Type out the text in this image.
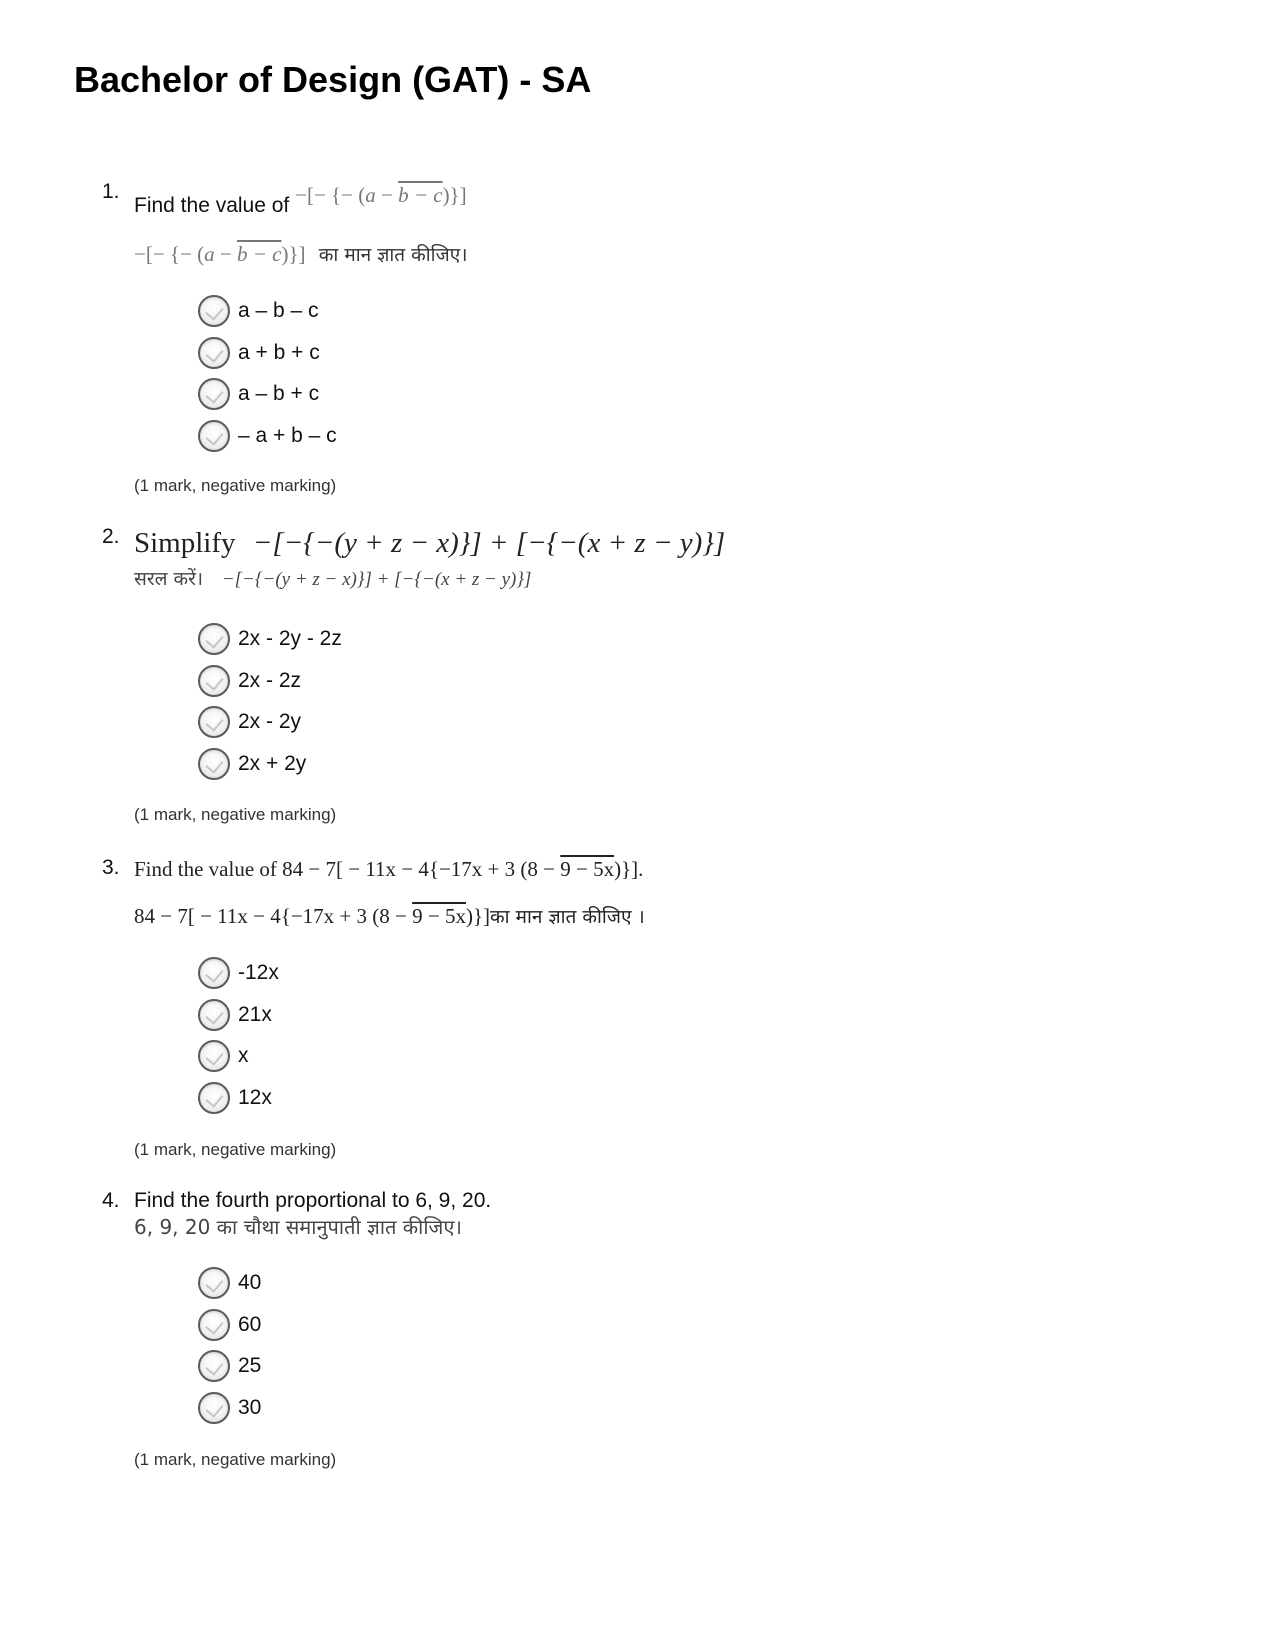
Bachelor of Design (GAT) - SA
1.
Find the value of −[− {− (a − b − c)}]
−[− {− (a − b − c)}] का मान ज्ञात कीजिए।
a – b – c
a + b + c
a – b + c
– a + b – c
(1 mark, negative marking)
2. Simplify −[−{−(y + z − x)}] + [−{−(x + z − y)}]
सरल करें। −[−{−(y + z − x)}] + [−{−(x + z − y)}]
2x - 2y - 2z
2x - 2z
2x - 2y
2x + 2y
(1 mark, negative marking)
3. Find the value of 84 − 7[ − 11x − 4{−17x + 3 (8 − 9 − 5x)}].
84 − 7[ − 11x − 4{−17x + 3 (8 − 9 − 5x)}]का मान ज्ञात कीजिए ।
-12x
21x
x
12x
(1 mark, negative marking)
4. Find the fourth proportional to 6, 9, 20.
6, 9, 20 का चौथा समानुपाती ज्ञात कीजिए।
40
60
25
30
(1 mark, negative marking)
